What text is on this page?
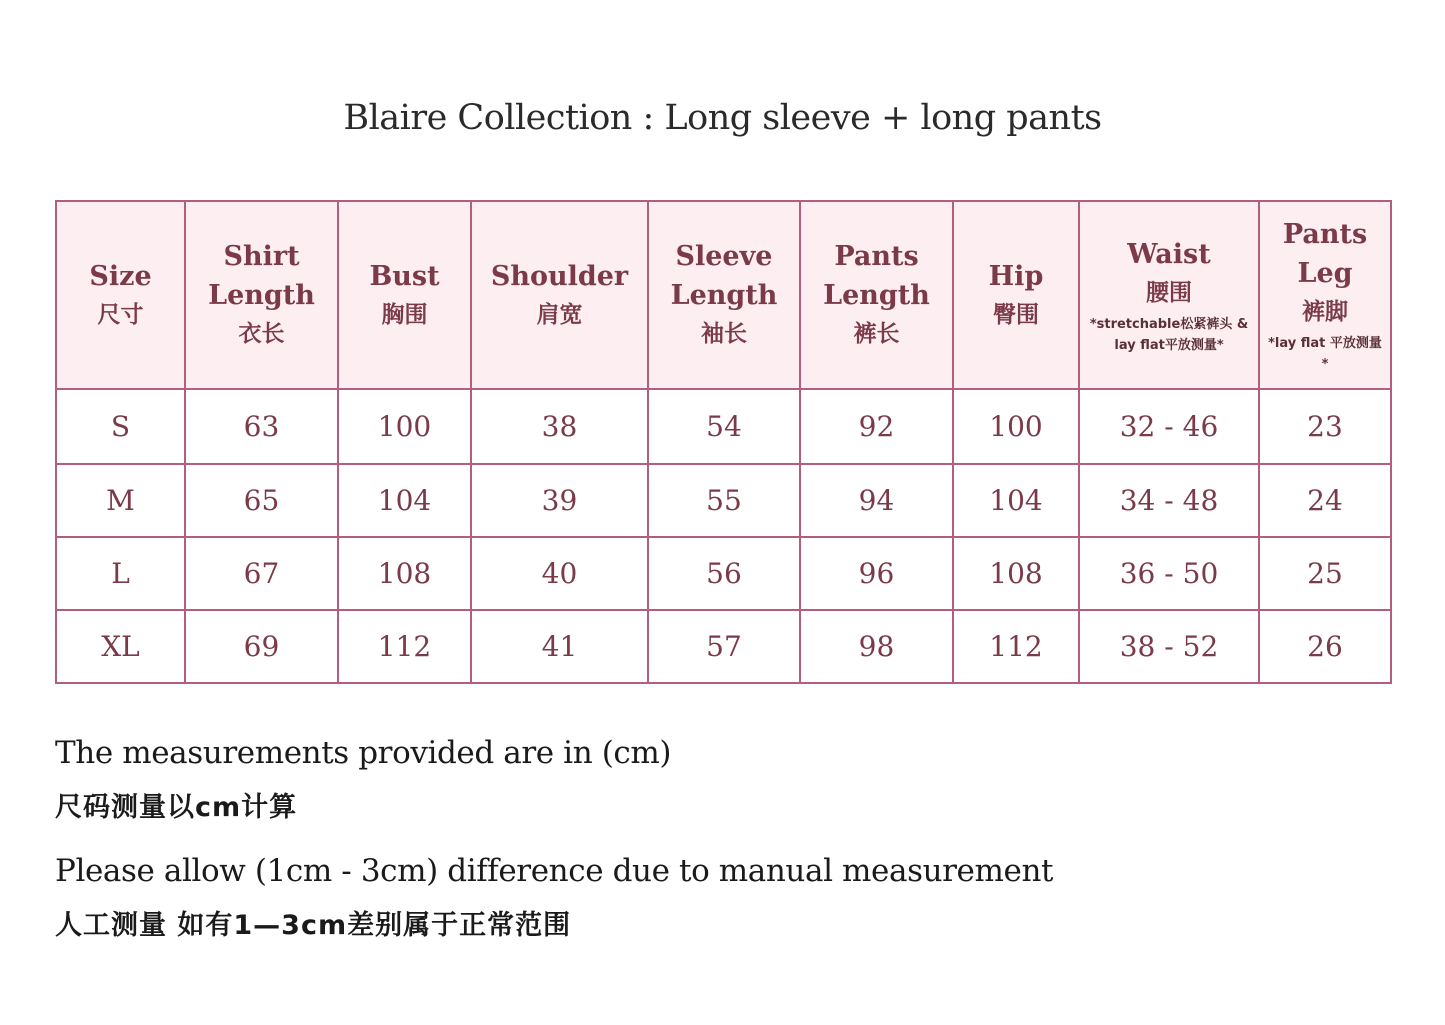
Blaire Collection : Long sleeve + long pants
Size
尺寸	Shirt
Length
衣长	Bust
胸围	Shoulder
肩宽	Sleeve
Length
袖长	Pants
Length
裤长	Hip
臀围	Waist
腰围
*stretchable松紧裤头 & lay flat平放测量*	Pants
Leg
裤脚
*lay flat 平放测量*

S	63	100	38	54	92	100	32 - 46	23
M	65	104	39	55	94	104	34 - 48	24
L	67	108	40	56	96	108	36 - 50	25
XL	69	112	41	57	98	112	38 - 52	26
The measurements provided are in (cm)
尺码测量以cm计算
Please allow (1cm - 3cm) difference due to manual measurement
人工测量 如有1—3cm差别属于正常范围
